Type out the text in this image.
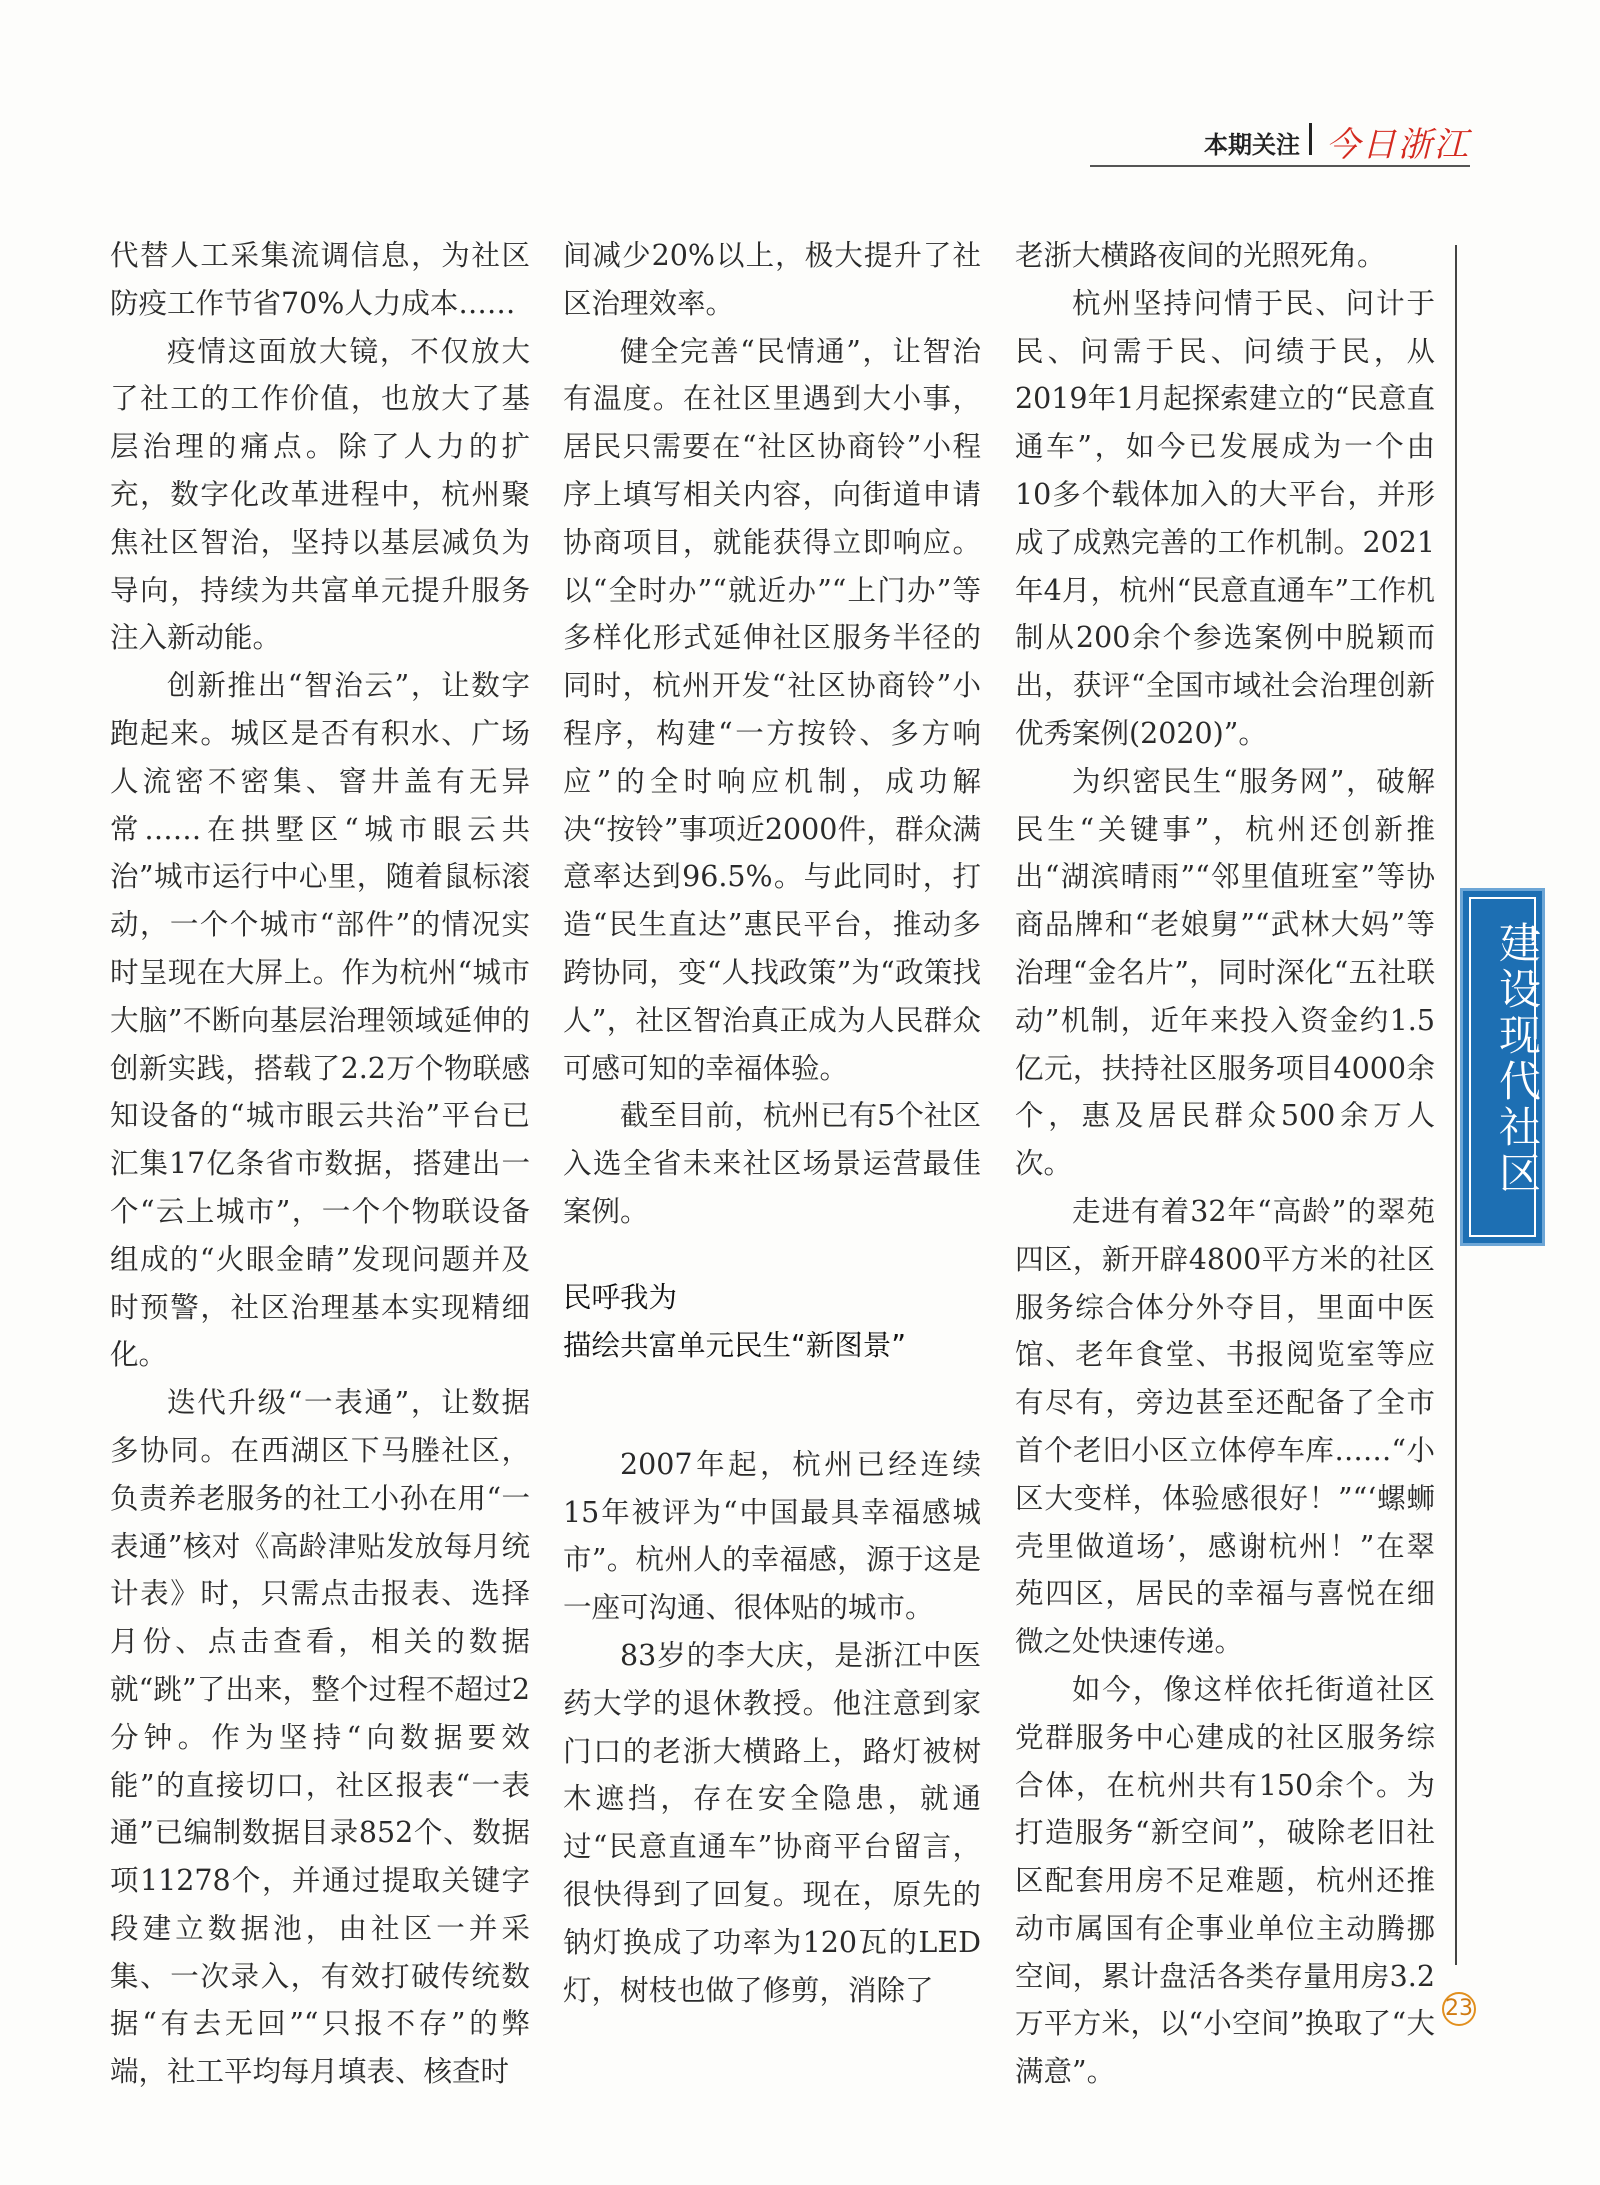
本期关注 今日浙江

代替人工采集流调信息，为社区防疫工作节省70%人力成本……

疫情这面放大镜，不仅放大了社工的工作价值，也放大了基层治理的痛点。除了人力的扩充，数字化改革进程中，杭州聚焦社区智治，坚持以基层减负为导向，持续为共富单元提升服务注入新动能。

创新推出“智治云”，让数字跑起来。城区是否有积水、广场人流密不密集、窨井盖有无异常……在拱墅区“城市眼云共治”城市运行中心里，随着鼠标滚动，一个个城市“部件”的情况实时呈现在大屏上。作为杭州“城市大脑”不断向基层治理领域延伸的创新实践，搭载了2.2万个物联感知设备的“城市眼云共治”平台已汇集17亿条省市数据，搭建出一个“云上城市”，一个个物联设备组成的“火眼金睛”发现问题并及时预警，社区治理基本实现精细化。

迭代升级“一表通”，让数据多协同。在西湖区下马塍社区，负责养老服务的社工小孙在用“一表通”核对《高龄津贴发放每月统计表》时，只需点击报表、选择月份、点击查看，相关的数据就“跳”了出来，整个过程不超过2分钟。作为坚持“向数据要效能”的直接切口，社区报表“一表通”已编制数据目录852个、数据项11278个，并通过提取关键字段建立数据池，由社区一并采集、一次录入，有效打破传统数据“有去无回”“只报不存”的弊端，社工平均每月填表、核查时

间减少20%以上，极大提升了社区治理效率。

健全完善“民情通”，让智治有温度。在社区里遇到大小事，居民只需要在“社区协商铃”小程序上填写相关内容，向街道申请协商项目，就能获得立即响应。以“全时办”“就近办”“上门办”等多样化形式延伸社区服务半径的同时，杭州开发“社区协商铃”小程序，构建“一方按铃、多方响应”的全时响应机制，成功解决“按铃”事项近2000件，群众满意率达到96.5%。与此同时，打造“民生直达”惠民平台，推动多跨协同，变“人找政策”为“政策找人”，社区智治真正成为人民群众可感可知的幸福体验。

截至目前，杭州已有5个社区入选全省未来社区场景运营最佳案例。

民呼我为
描绘共富单元民生“新图景”

2007年起，杭州已经连续15年被评为“中国最具幸福感城市”。杭州人的幸福感，源于这是一座可沟通、很体贴的城市。

83岁的李大庆，是浙江中医药大学的退休教授。他注意到家门口的老浙大横路上，路灯被树木遮挡，存在安全隐患，就通过“民意直通车”协商平台留言，很快得到了回复。现在，原先的钠灯换成了功率为120瓦的LED灯，树枝也做了修剪，消除了

老浙大横路夜间的光照死角。

杭州坚持问情于民、问计于民、问需于民、问绩于民，从2019年1月起探索建立的“民意直通车”，如今已发展成为一个由10多个载体加入的大平台，并形成了成熟完善的工作机制。2021年4月，杭州“民意直通车”工作机制从200余个参选案例中脱颖而出，获评“全国市域社会治理创新优秀案例(2020)”。

为织密民生“服务网”，破解民生“关键事”，杭州还创新推出“湖滨晴雨”“邻里值班室”等协商品牌和“老娘舅”“武林大妈”等治理“金名片”，同时深化“五社联动”机制，近年来投入资金约1.5亿元，扶持社区服务项目4000余个，惠及居民群众500余万人次。

走进有着32年“高龄”的翠苑四区，新开辟4800平方米的社区服务综合体分外夺目，里面中医馆、老年食堂、书报阅览室等应有尽有，旁边甚至还配备了全市首个老旧小区立体停车库……“小区大变样，体验感很好！”“‘螺蛳壳里做道场’，感谢杭州！”在翠苑四区，居民的幸福与喜悦在细微之处快速传递。

如今，像这样依托街道社区党群服务中心建成的社区服务综合体，在杭州共有150余个。为打造服务“新空间”，破除老旧社区配套用房不足难题，杭州还推动市属国有企事业单位主动腾挪空间，累计盘活各类存量用房3.2万平方米，以“小空间”换取了“大满意”。

建设现代社区
23
